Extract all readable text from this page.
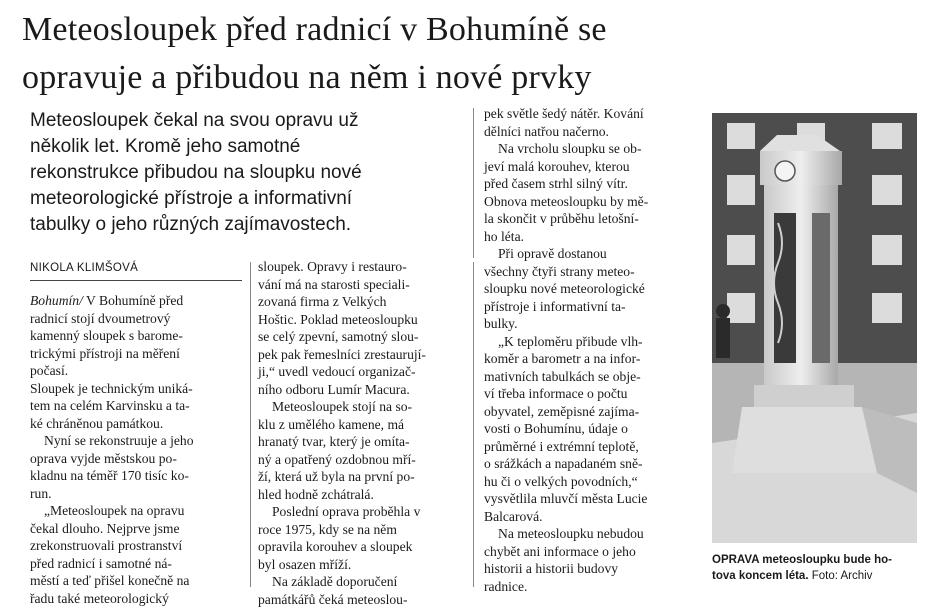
Meteosloupek před radnicí v Bohumíně se
opravuje a přibudou na něm i nové prvky
Meteosloupek čekal na svou opravu už
několik let. Kromě jeho samotné
rekonstrukce přibudou na sloupku nové
meteorologické přístroje a informativní
tabulky o jeho různých zajímavostech.
NIKOLA KLIMŠOVÁ
Bohumín/ V Bohumíně před
radnicí stojí dvoumetrový
kamenný sloupek s barome-
trickými přístroji na měření
počasí.
Sloupek je technickým uniká-
tem na celém Karvinsku a ta-
ké chráněnou památkou.
Nyní se rekonstruuje a jeho
oprava vyjde městskou po-
kladnu na téměř 170 tisíc ko-
run.
„Meteosloupek na opravu
čekal dlouho. Nejprve jsme
zrekonstruovali prostranství
před radnicí i samotné ná-
městí a teď přišel konečně na
řadu také meteorologický
sloupek. Opravy i restauro-
vání má na starosti speciali-
zovaná firma z Velkých
Hoštic. Poklad meteosloupku
se celý zpevní, samotný slou-
pek pak řemeslníci zrestaurují-
ji,“ uvedl vedoucí organizač-
ního odboru Lumír Macura.
Meteosloupek stojí na so-
klu z umělého kamene, má
hranatý tvar, který je omíta-
ný a opatřený ozdobnou mří-
ží, která už byla na první po-
hled hodně zchátralá.
Poslední oprava proběhla v
roce 1975, kdy se na něm
opravila korouhev a sloupek
byl osazen mříží.
Na základě doporučení
památkářů čeká meteoslou-
pek světle šedý nátěr. Kování
dělníci natřou načerno.
Na vrcholu sloupku se ob-
jeví malá korouhev, kterou
před časem strhl silný vítr.
Obnova meteosloupku by mě-
la skončit v průběhu letošní-
ho léta.
Při opravě dostanou
všechny čtyři strany meteo-
sloupku nové meteorologické
přístroje i informativní ta-
bulky.
„K teploměru přibude vlh-
koměr a barometr a na infor-
mativních tabulkách se obje-
ví třeba informace o počtu
obyvatel, zeměpisné zajíma-
vosti o Bohumínu, údaje o
průměrné i extrémní teplotě,
o srážkách a napadaném sně-
hu či o velkých povodních,“
vysvětlila mluvčí města Lucie
Balcarová.
Na meteosloupku nebudou
chybět ani informace o jeho
historii a historii budovy
radnice.
OPRAVA meteosloupku bude ho-
tova koncem léta. Foto: Archiv
